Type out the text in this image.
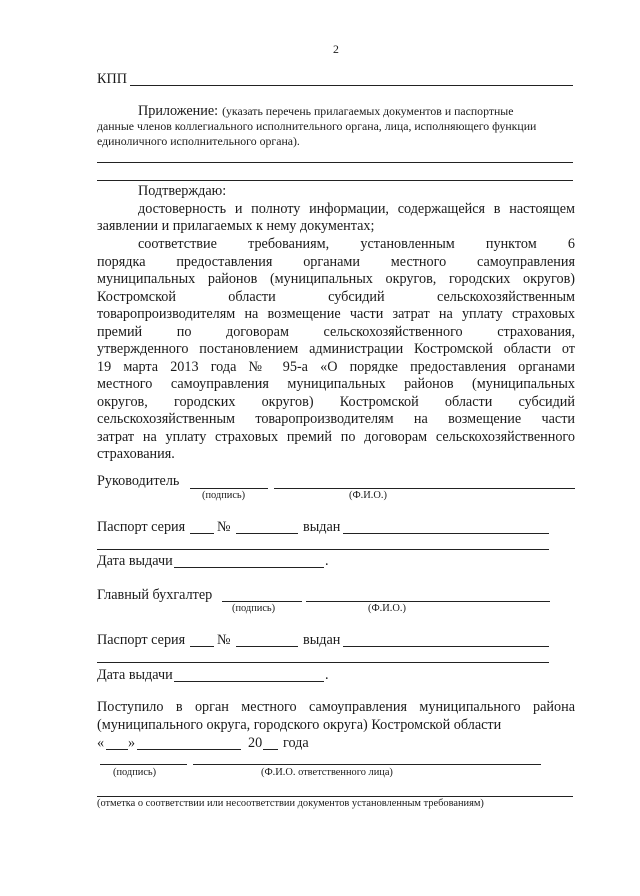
2
КПП
Приложение: (указать перечень прилагаемых документов и паспортные
данные членов коллегиального исполнительного органа, лица, исполняющего функции
единоличного исполнительного органа).
Подтверждаю:
достоверность и полноту информации, содержащейся в настоящем
заявлении и прилагаемых к нему документах;
соответствие требованиям, установленным пунктом 6
порядка предоставления органами местного самоуправления
муниципальных районов (муниципальных округов, городских округов)
Костромской области субсидий сельскохозяйственным
товаропроизводителям на возмещение части затрат на уплату страховых
премий по договорам сельскохозяйственного страхования,
утвержденного постановлением администрации Костромской области от
19 марта 2013 года № 95-а «О порядке предоставления органами
местного самоуправления муниципальных районов (муниципальных
округов, городских округов) Костромской области субсидий
сельскохозяйственным товаропроизводителям на возмещение части
затрат на уплату страховых премий по договорам сельскохозяйственного
страхования.
Руководитель
(подпись)	(Ф.И.О.)
Паспорт серия №	выдан
Дата выдачи	.
Главный бухгалтер
(подпись)	(Ф.И.О.)
Паспорт серия №	выдан
Дата выдачи	.
Поступило в орган местного самоуправления муниципального района
(муниципального округа, городского округа) Костромской области
« »	20 года
(подпись)	(Ф.И.О. ответственного лица)
(отметка о соответствии или несоответствии документов установленным требованиям)
